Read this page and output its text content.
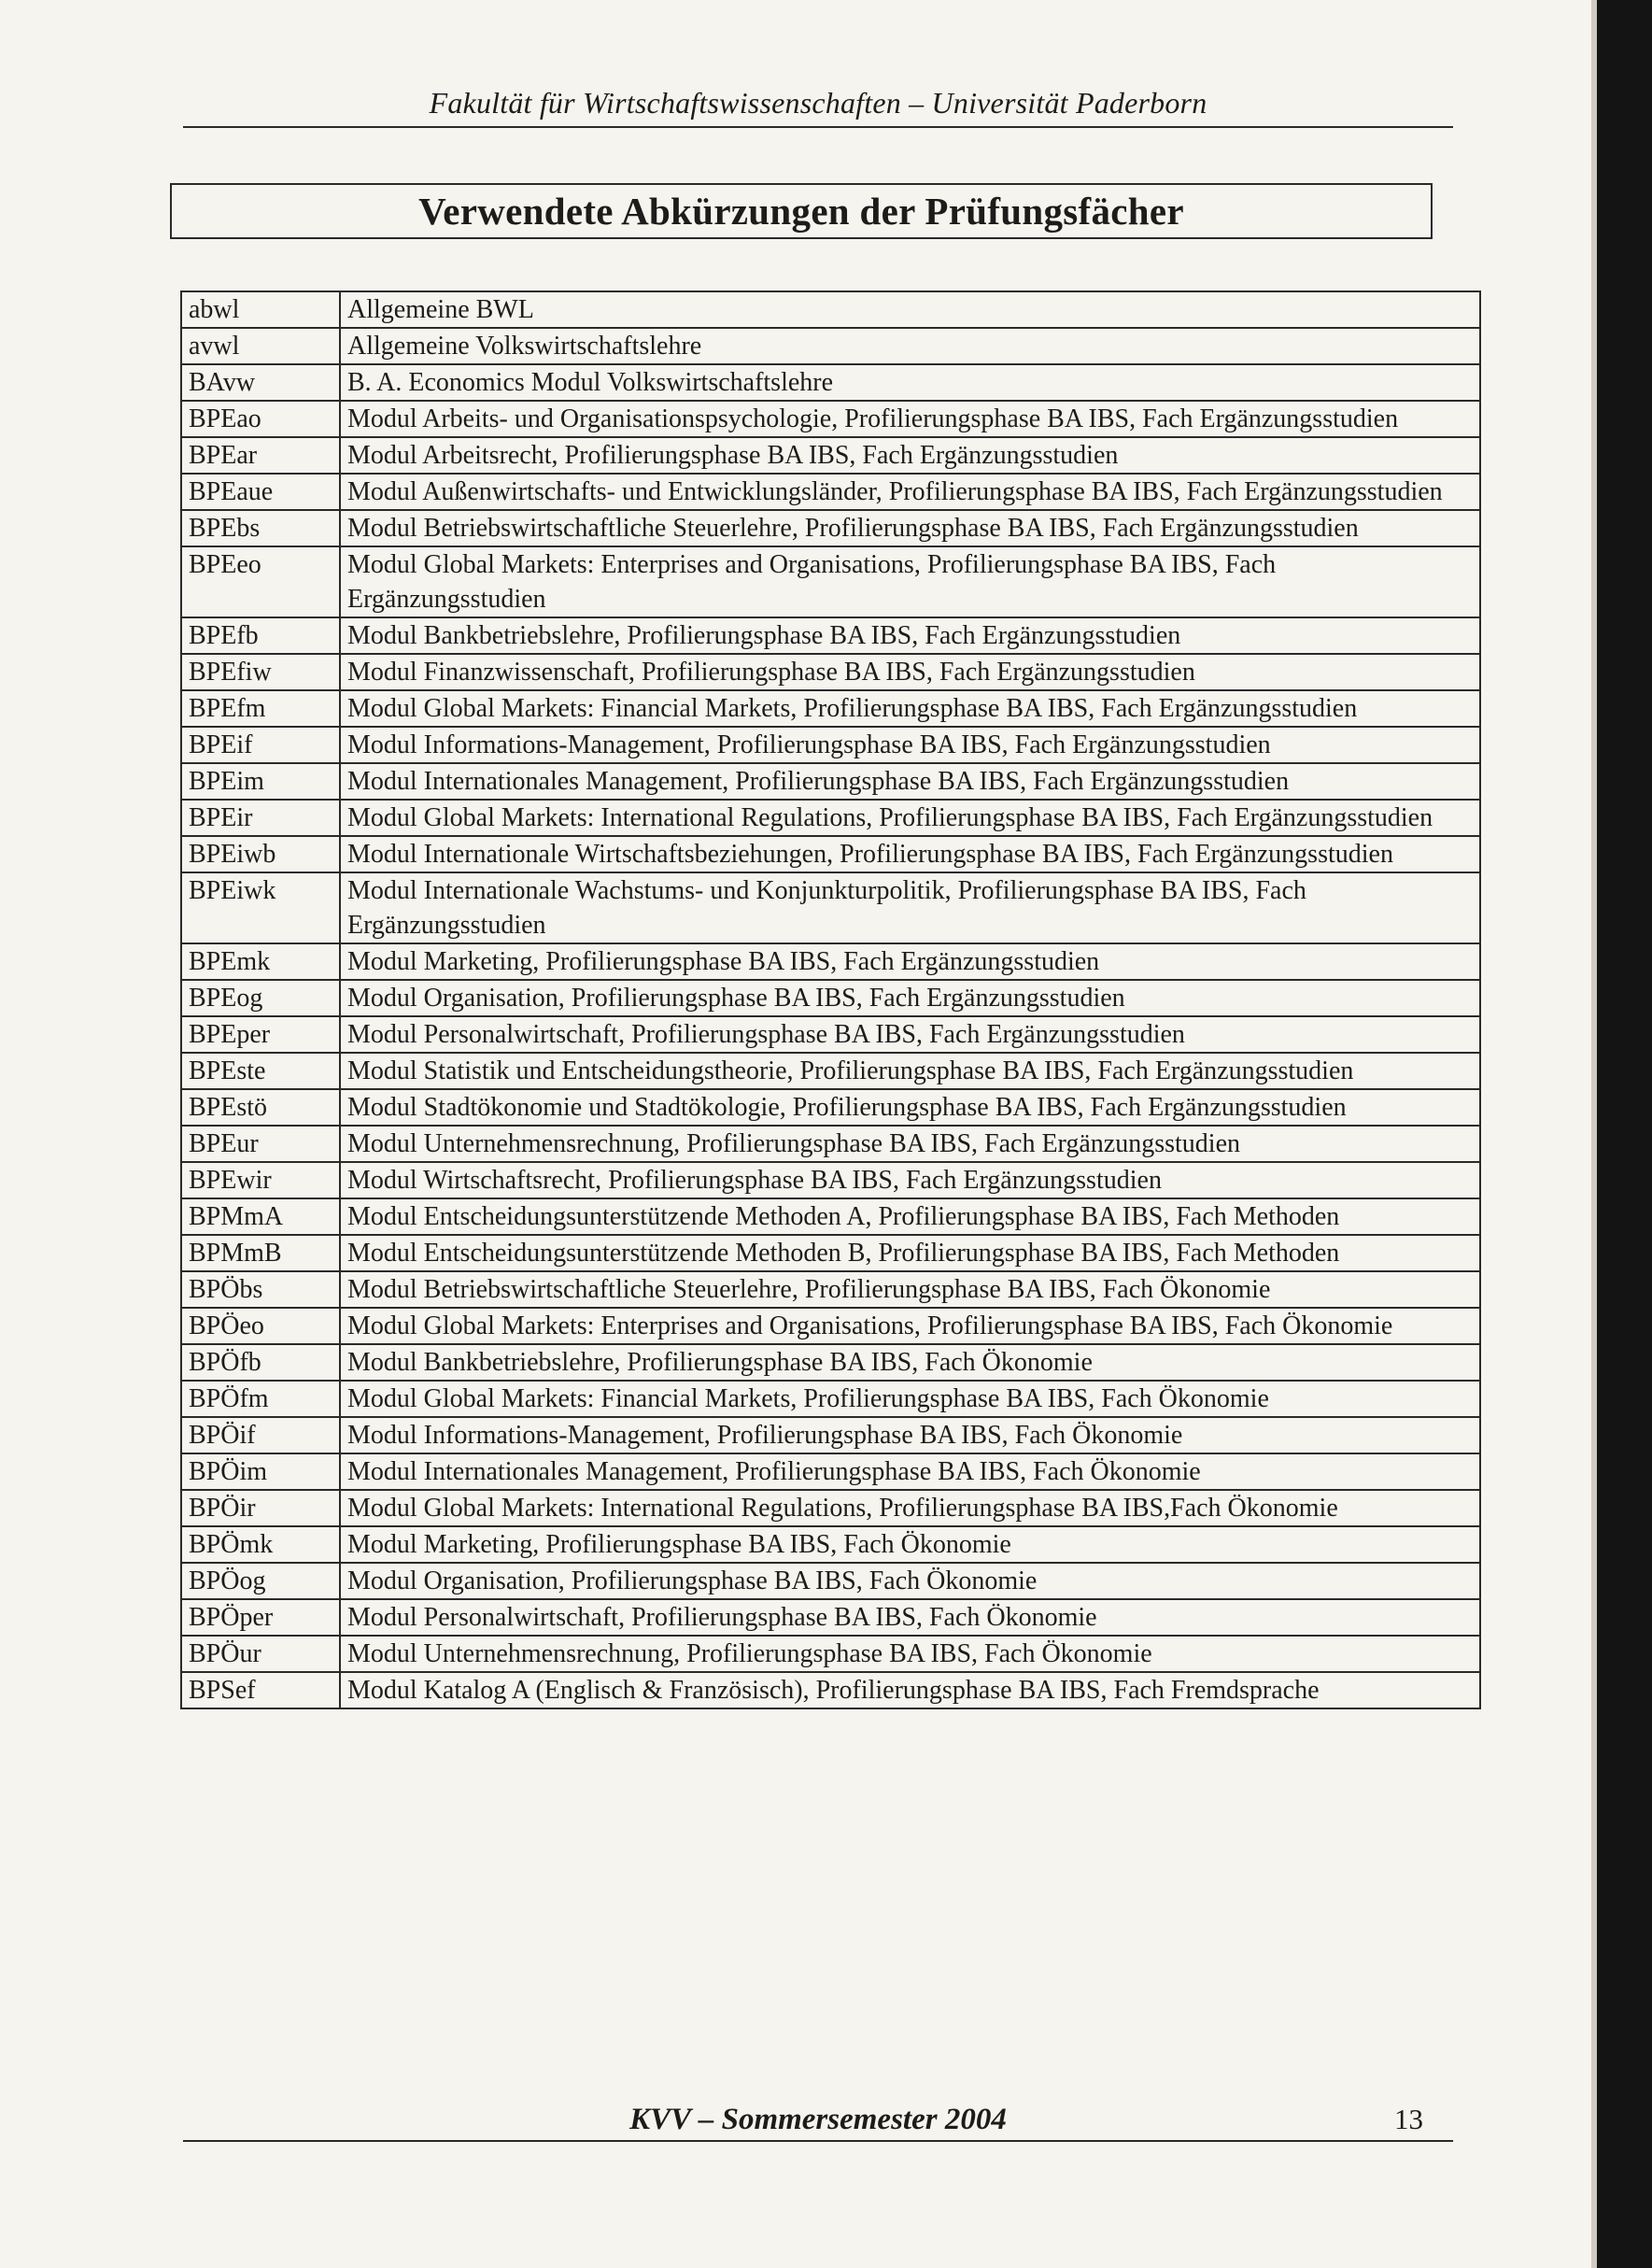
Fakultät für Wirtschaftswissenschaften – Universität Paderborn
Verwendete Abkürzungen der Prüfungsfächer
abwl	Allgemeine BWL
avwl	Allgemeine Volkswirtschaftslehre
BAvw	B. A. Economics Modul Volkswirtschaftslehre
BPEao	Modul Arbeits- und Organisationspsychologie, Profilierungsphase BA IBS, Fach Ergänzungsstudien
BPEar	Modul Arbeitsrecht, Profilierungsphase BA IBS, Fach Ergänzungsstudien
BPEaue	Modul Außenwirtschafts- und Entwicklungsländer, Profilierungsphase BA IBS, Fach Ergänzungsstudien
BPEbs	Modul Betriebswirtschaftliche Steuerlehre, Profilierungsphase BA IBS, Fach Ergänzungsstudien
BPEeo	Modul Global Markets: Enterprises and Organisations, Profilierungsphase BA IBS, Fach Ergänzungsstudien
BPEfb	Modul Bankbetriebslehre, Profilierungsphase BA IBS, Fach Ergänzungsstudien
BPEfiw	Modul Finanzwissenschaft, Profilierungsphase BA IBS, Fach Ergänzungsstudien
BPEfm	Modul Global Markets: Financial Markets, Profilierungsphase BA IBS, Fach Ergänzungsstudien
BPEif	Modul Informations-Management, Profilierungsphase BA IBS, Fach Ergänzungsstudien
BPEim	Modul Internationales Management, Profilierungsphase BA IBS, Fach Ergänzungsstudien
BPEir	Modul Global Markets: International Regulations, Profilierungsphase BA IBS, Fach Ergänzungsstudien
BPEiwb	Modul Internationale Wirtschaftsbeziehungen, Profilierungsphase BA IBS, Fach Ergänzungsstudien
BPEiwk	Modul Internationale Wachstums- und Konjunkturpolitik, Profilierungsphase BA IBS, Fach Ergänzungsstudien
BPEmk	Modul Marketing, Profilierungsphase BA IBS, Fach Ergänzungsstudien
BPEog	Modul Organisation, Profilierungsphase BA IBS, Fach Ergänzungsstudien
BPEper	Modul Personalwirtschaft, Profilierungsphase BA IBS, Fach Ergänzungsstudien
BPEste	Modul Statistik und Entscheidungstheorie, Profilierungsphase BA IBS, Fach Ergänzungsstudien
BPEstö	Modul Stadtökonomie und Stadtökologie, Profilierungsphase BA IBS, Fach Ergänzungsstudien
BPEur	Modul Unternehmensrechnung, Profilierungsphase BA IBS, Fach Ergänzungsstudien
BPEwir	Modul Wirtschaftsrecht, Profilierungsphase BA IBS, Fach Ergänzungsstudien
BPMmA	Modul Entscheidungsunterstützende Methoden A, Profilierungsphase BA IBS, Fach Methoden
BPMmB	Modul Entscheidungsunterstützende Methoden B, Profilierungsphase BA IBS, Fach Methoden
BPÖbs	Modul Betriebswirtschaftliche Steuerlehre, Profilierungsphase BA IBS, Fach Ökonomie
BPÖeo	Modul Global Markets: Enterprises and Organisations, Profilierungsphase BA IBS, Fach Ökonomie
BPÖfb	Modul Bankbetriebslehre, Profilierungsphase BA IBS, Fach Ökonomie
BPÖfm	Modul Global Markets: Financial Markets, Profilierungsphase BA IBS, Fach Ökonomie
BPÖif	Modul Informations-Management, Profilierungsphase BA IBS, Fach Ökonomie
BPÖim	Modul Internationales Management, Profilierungsphase BA IBS, Fach Ökonomie
BPÖir	Modul Global Markets: International Regulations, Profilierungsphase BA IBS,Fach Ökonomie
BPÖmk	Modul Marketing, Profilierungsphase BA IBS, Fach Ökonomie
BPÖog	Modul Organisation, Profilierungsphase BA IBS, Fach Ökonomie
BPÖper	Modul Personalwirtschaft, Profilierungsphase BA IBS, Fach Ökonomie
BPÖur	Modul Unternehmensrechnung, Profilierungsphase BA IBS, Fach Ökonomie
BPSef	Modul Katalog A (Englisch & Französisch), Profilierungsphase BA IBS, Fach Fremdsprache
KVV – Sommersemester 2004	13
